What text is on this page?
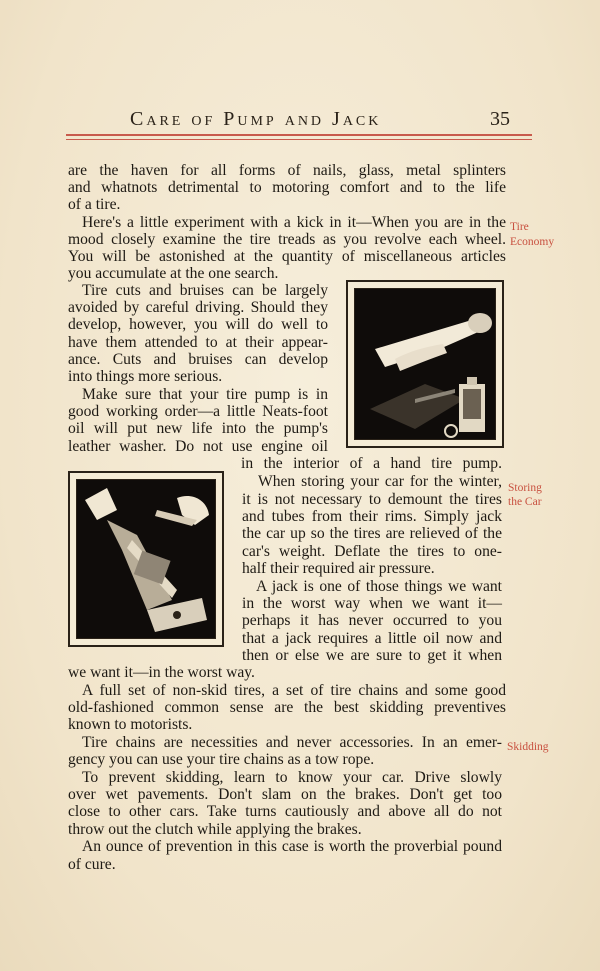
Care of Pump and Jack	35
are the haven for all forms of nails, glass, metal splinters
and whatnots detrimental to motoring comfort and to the life
of a tire.
Here's a little experiment with a kick in it—When you are in the
mood closely examine the tire treads as you revolve each wheel.
You will be astonished at the quantity of miscellaneous articles
you accumulate at the one search.
Tire
Economy
Tire cuts and bruises can be largely
avoided by careful driving. Should they
develop, however, you will do well to
have them attended to at their appear-
ance. Cuts and bruises can develop
into things more serious.
Make sure that your tire pump is in
good working order—a little Neats-foot
oil will put new life into the pump's
leather washer. Do not use engine oil
in the interior of a hand tire pump.
When storing your car for the winter,
it is not necessary to demount the tires
and tubes from their rims. Simply jack
the car up so the tires are relieved of the
car's weight. Deflate the tires to one-
half their required air pressure.
Storing
the Car
A jack is one of those things we want
in the worst way when we want it—
perhaps it has never occurred to you
that a jack requires a little oil now and
then or else we are sure to get it when
we want it—in the worst way.
A full set of non-skid tires, a set of tire chains and some good
old-fashioned common sense are the best skidding preventives
known to motorists.
Tire chains are necessities and never accessories. In an emer-
gency you can use your tire chains as a tow rope.
Skidding
To prevent skidding, learn to know your car. Drive slowly
over wet pavements. Don't slam on the brakes. Don't get too
close to other cars. Take turns cautiously and above all do not
throw out the clutch while applying the brakes.
An ounce of prevention in this case is worth the proverbial pound
of cure.
